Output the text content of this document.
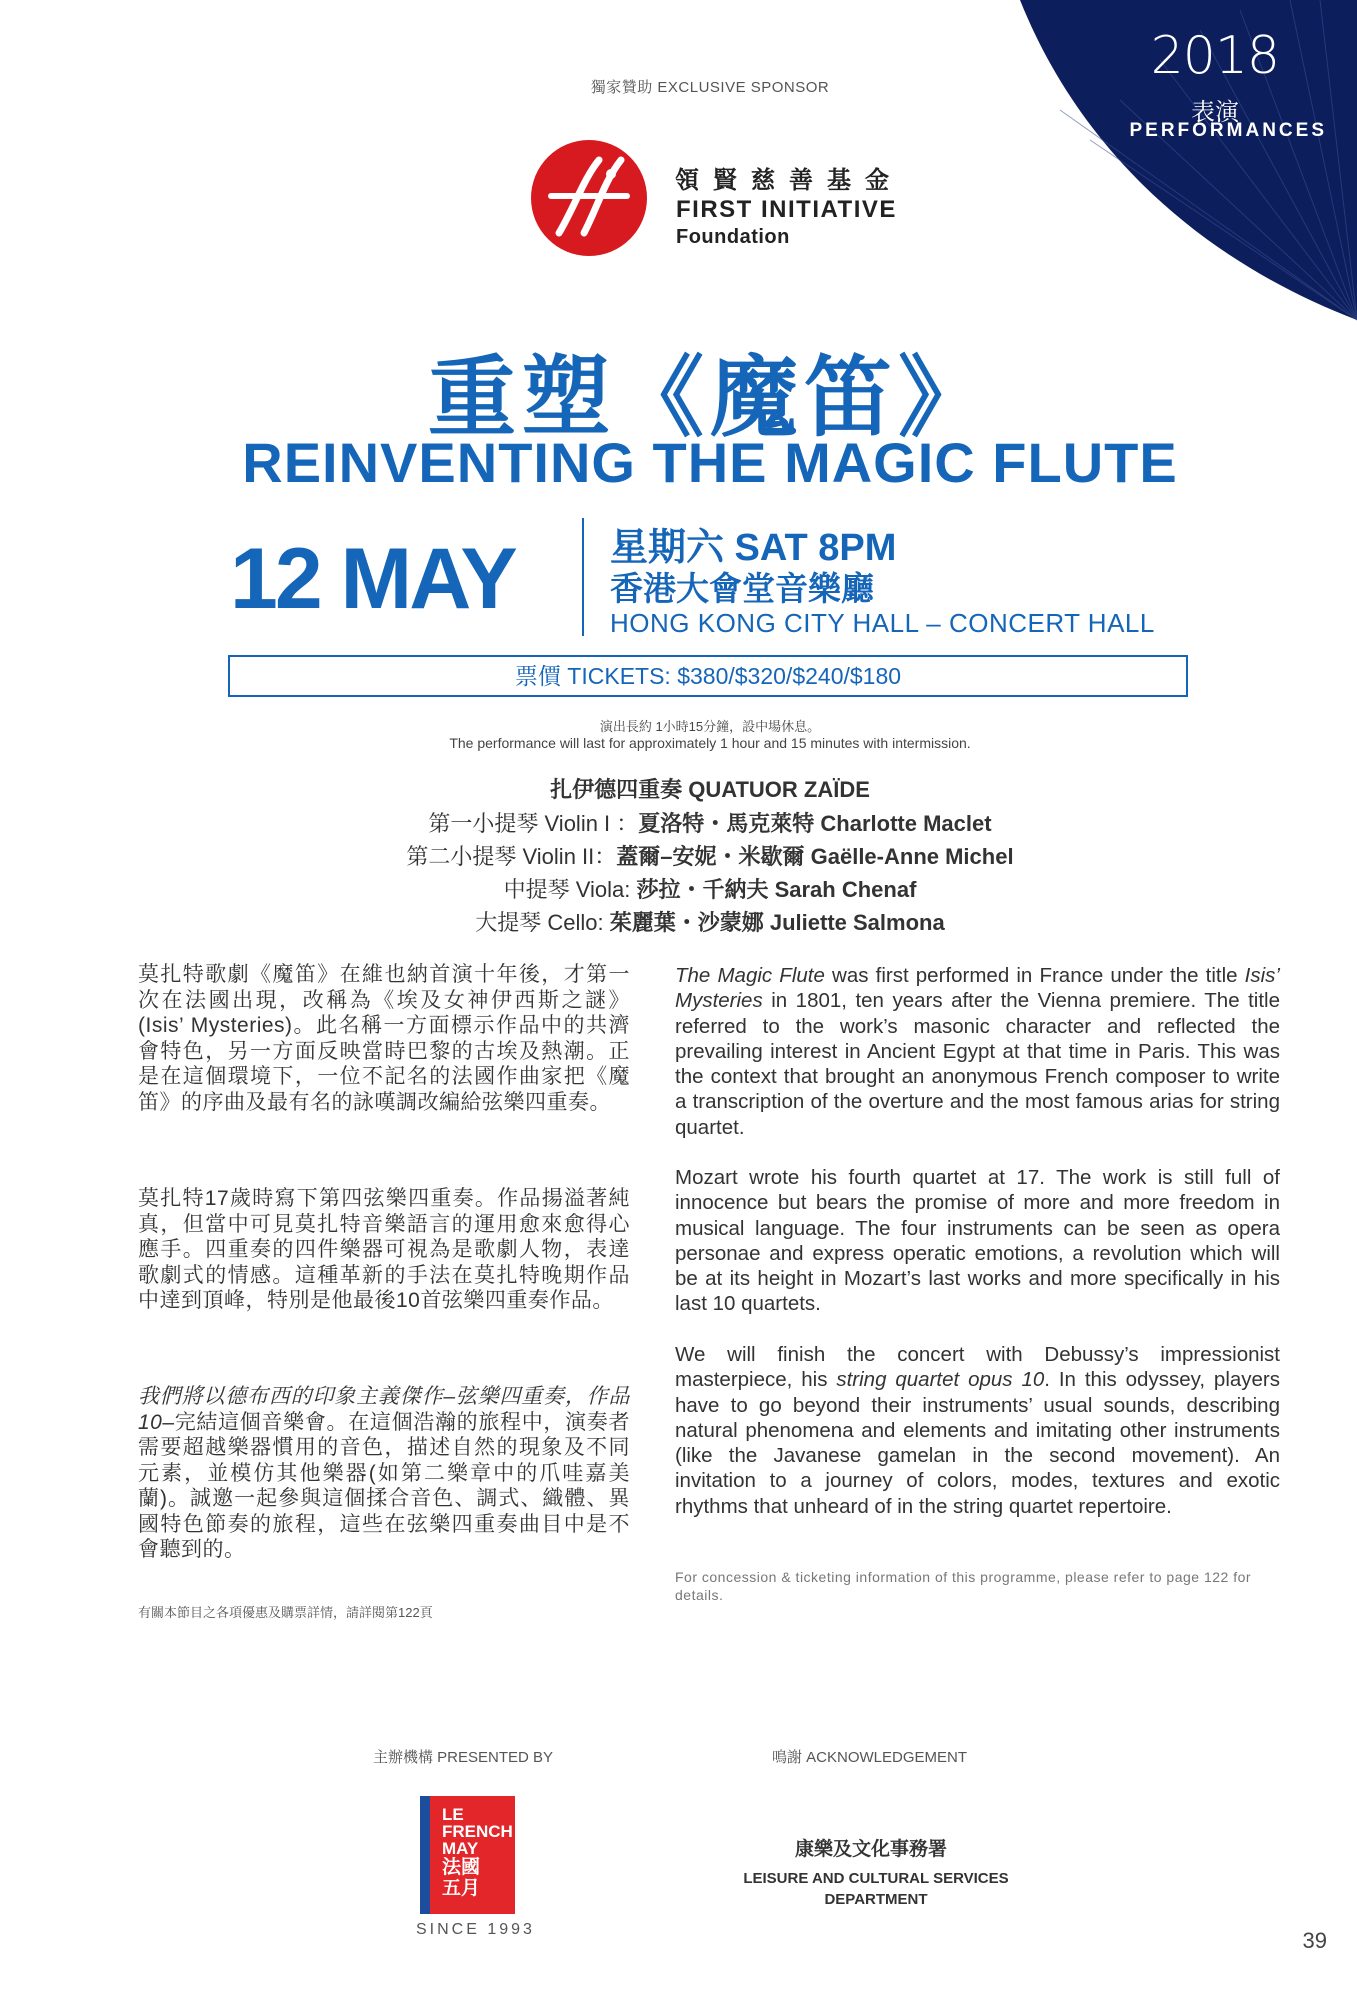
2018
表演
PERFORMANCES
獨家贊助 EXCLUSIVE SPONSOR
領賢慈善基金
FIRST INITIATIVE
Foundation
重塑《魔笛》
REINVENTING THE MAGIC FLUTE
12 MAY	星期六 SAT 8PM
香港大會堂音樂廳
HONG KONG CITY HALL – CONCERT HALL
票價 TICKETS: $380/$320/$240/$180
演出長約 1小時15分鐘，設中場休息。
The performance will last for approximately 1 hour and 15 minutes with intermission.
扎伊德四重奏 QUATUOR ZAÏDE
第一小提琴 Violin I ：夏洛特・馬克萊特 Charlotte Maclet
第二小提琴 Violin II：蓋爾–安妮・米歇爾 Gaëlle-Anne Michel
中提琴 Viola: 莎拉・千納夫 Sarah Chenaf
大提琴 Cello: 茱麗葉・沙蒙娜 Juliette Salmona
莫扎特歌劇《魔笛》在維也納首演十年後，才第一次在法國出現，改稱為《埃及女神伊西斯之謎》(Isis’ Mysteries)。此名稱一方面標示作品中的共濟會特色，另一方面反映當時巴黎的古埃及熱潮。正是在這個環境下，一位不記名的法國作曲家把《魔笛》的序曲及最有名的詠嘆調改編給弦樂四重奏。
莫扎特17歲時寫下第四弦樂四重奏。作品揚溢著純真，但當中可見莫扎特音樂語言的運用愈來愈得心應手。四重奏的四件樂器可視為是歌劇人物，表達歌劇式的情感。這種革新的手法在莫扎特晚期作品中達到頂峰，特別是他最後10首弦樂四重奏作品。
我們將以德布西的印象主義傑作–弦樂四重奏，作品10–完結這個音樂會。在這個浩瀚的旅程中，演奏者需要超越樂器慣用的音色，描述自然的現象及不同元素，並模仿其他樂器(如第二樂章中的爪哇嘉美蘭)。誠邀一起參與這個揉合音色、調式、織體、異國特色節奏的旅程，這些在弦樂四重奏曲目中是不會聽到的。
有關本節目之各項優惠及購票詳情，請詳閱第122頁
The Magic Flute was first performed in France under the title Isis’ Mysteries in 1801, ten years after the Vienna premiere. The title referred to the work’s masonic character and reflected the prevailing interest in Ancient Egypt at that time in Paris. This was the context that brought an anonymous French composer to write a transcription of the overture and the most famous arias for string quartet.
Mozart wrote his fourth quartet at 17. The work is still full of innocence but bears the promise of more and more freedom in musical language. The four instruments can be seen as opera personae and express operatic emotions, a revolution which will be at its height in Mozart’s last works and more specifically in his last 10 quartets.
We will finish the concert with Debussy’s impressionist masterpiece, his string quartet opus 10. In this odyssey, players have to go beyond their instruments’ usual sounds, describing natural phenomena and elements and imitating other instruments (like the Javanese gamelan in the second movement). An invitation to a journey of colors, modes, textures and exotic rhythms that unheard of in the string quartet repertoire.
For concession & ticketing information of this programme, please refer to page 122 for details.
主辦機構 PRESENTED BY	鳴謝 ACKNOWLEDGEMENT
LE
FRENCH
MAY
法國
五月
SINCE 1993
康樂及文化事務署
LEISURE AND CULTURAL SERVICES DEPARTMENT
39
